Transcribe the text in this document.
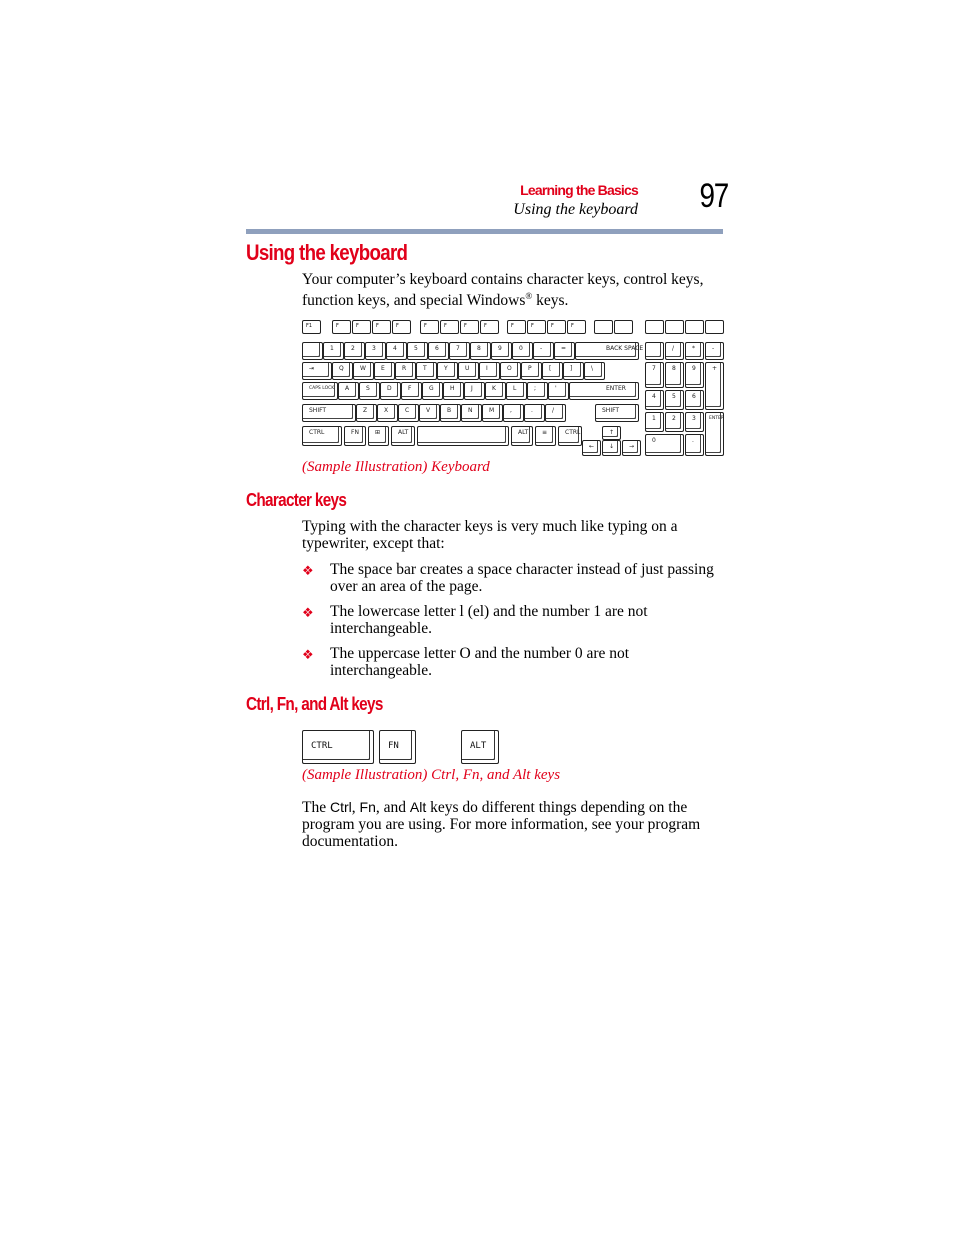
Learning the Basics
Using the keyboard	97
Using the keyboard
Your computer’s keyboard contains character keys, control keys,
function keys, and special Windows® keys.
F1	F	F	F	F	F	F	F	F	F	F	F	F
1	2	3	4	5	6	7	8	9	0	-	=	BACK SPACE
⇥	Q	W	E	R	T	Y	U	I	O	P	[	]	\
CAPS LOCK A	S	D	F	G	H	J	K	L	;	'	ENTER
SHIFT	Z	X	C	V	B	N	M	,	.	/	SHIFT
CTRL	FN	⊞	ALT	ALT ≡	CTRL	↑
← ↓ →
/	*	-
7	8	9	+
4	5	6
1	2	3	ENTER
0	.
(Sample Illustration) Keyboard
Character keys
Typing with the character keys is very much like typing on a
typewriter, except that:
❖ The space bar creates a space character instead of just passing
over an area of the page.
❖ The lowercase letter l (el) and the number 1 are not
interchangeable.
❖ The uppercase letter O and the number 0 are not
interchangeable.
Ctrl, Fn, and Alt keys
CTRL	FN	ALT
(Sample Illustration) Ctrl, Fn, and Alt keys
The Ctrl, Fn, and Alt keys do different things depending on the
program you are using. For more information, see your program
documentation.
